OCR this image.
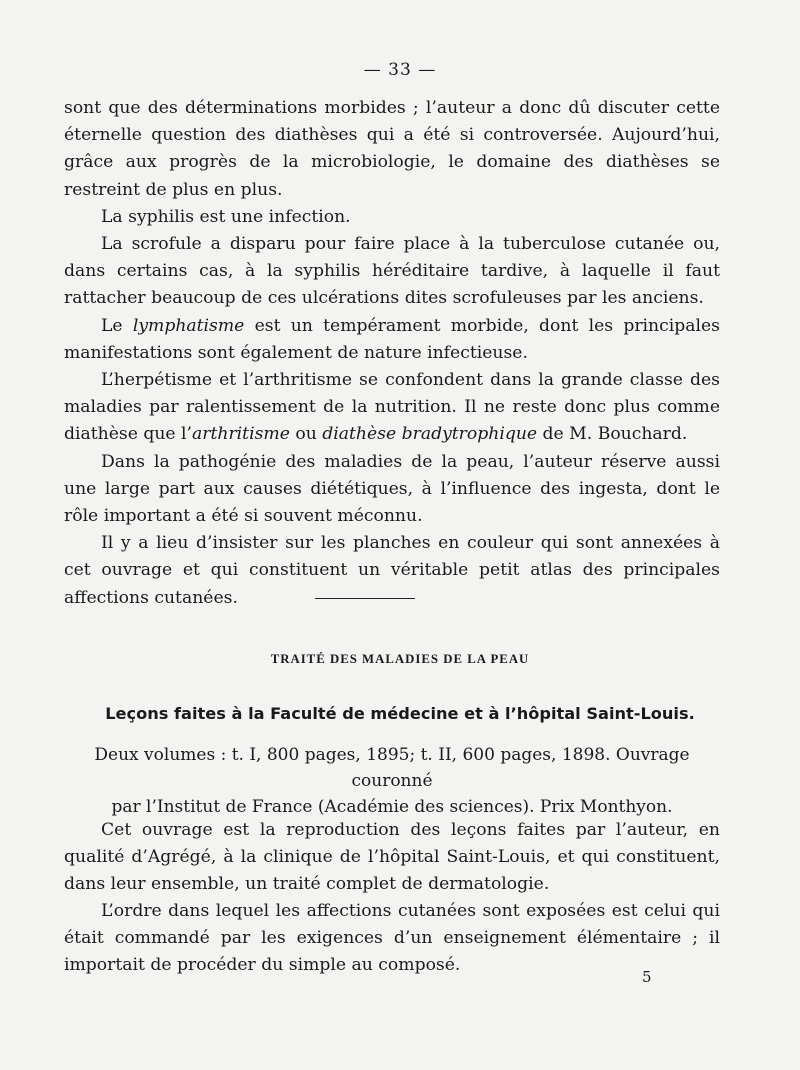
— 33 —

sont que des déterminations morbides ; l’auteur a donc dû discuter cette éternelle question des diathèses qui a été si controversée. Aujourd’hui, grâce aux progrès de la microbiologie, le domaine des diathèses se restreint de plus en plus.

La syphilis est une infection.

La scrofule a disparu pour faire place à la tuberculose cutanée ou, dans certains cas, à la syphilis héréditaire tardive, à laquelle il faut rattacher beaucoup de ces ulcérations dites scrofuleuses par les anciens.

Le lymphatisme est un tempérament morbide, dont les principales manifestations sont également de nature infectieuse.

L’herpétisme et l’arthritisme se confondent dans la grande classe des maladies par ralentissement de la nutrition. Il ne reste donc plus comme diathèse que l’arthritisme ou diathèse bradytrophique de M. Bouchard.

Dans la pathogénie des maladies de la peau, l’auteur réserve aussi une large part aux causes diététiques, à l’influence des ingesta, dont le rôle important a été si souvent méconnu.

Il y a lieu d’insister sur les planches en couleur qui sont annexées à cet ouvrage et qui constituent un véritable petit atlas des principales affections cutanées.

TRAITÉ DES MALADIES DE LA PEAU
Leçons faites à la Faculté de médecine et à l’hôpital Saint-Louis.
Deux volumes : t. I, 800 pages, 1895; t. II, 600 pages, 1898. Ouvrage couronné
par l’Institut de France (Académie des sciences). Prix Monthyon.

Cet ouvrage est la reproduction des leçons faites par l’auteur, en qualité d’Agrégé, à la clinique de l’hôpital Saint-Louis, et qui constituent, dans leur ensemble, un traité complet de dermatologie.

L’ordre dans lequel les affections cutanées sont exposées est celui qui était commandé par les exigences d’un enseignement élémentaire ; il importait de procéder du simple au composé.

5
